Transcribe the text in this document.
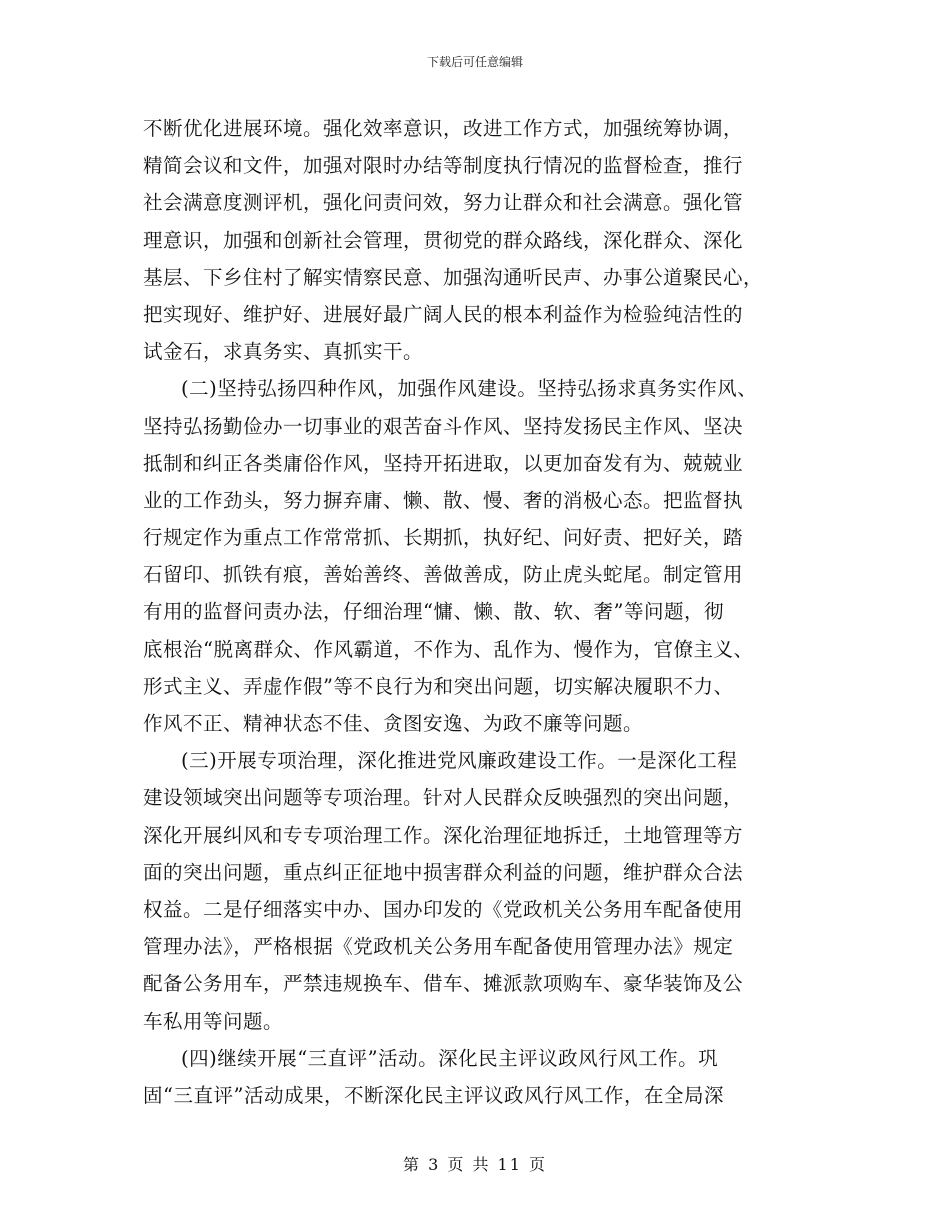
下载后可任意编辑
不断优化进展环境。强化效率意识，改进工作方式，加强统筹协调，
精简会议和文件，加强对限时办结等制度执行情况的监督检查，推行
社会满意度测评机，强化问责问效，努力让群众和社会满意。强化管
理意识，加强和创新社会管理，贯彻党的群众路线，深化群众、深化
基层、下乡住村了解实情察民意、加强沟通听民声、办事公道聚民心，
把实现好、维护好、进展好最广阔人民的根本利益作为检验纯洁性的
试金石，求真务实、真抓实干。
(二)坚持弘扬四种作风，加强作风建设。坚持弘扬求真务实作风、
坚持弘扬勤俭办一切事业的艰苦奋斗作风、坚持发扬民主作风、坚决
抵制和纠正各类庸俗作风，坚持开拓进取，以更加奋发有为、兢兢业
业的工作劲头，努力摒弃庸、懒、散、慢、奢的消极心态。把监督执
行规定作为重点工作常常抓、长期抓，执好纪、问好责、把好关，踏
石留印、抓铁有痕，善始善终、善做善成，防止虎头蛇尾。制定管用
有用的监督问责办法，仔细治理“慵、懒、散、软、奢”等问题，彻
底根治“脱离群众、作风霸道，不作为、乱作为、慢作为，官僚主义、
形式主义、弄虚作假”等不良行为和突出问题，切实解决履职不力、
作风不正、精神状态不佳、贪图安逸、为政不廉等问题。
(三)开展专项治理，深化推进党风廉政建设工作。一是深化工程
建设领域突出问题等专项治理。针对人民群众反映强烈的突出问题，
深化开展纠风和专专项治理工作。深化治理征地拆迁，土地管理等方
面的突出问题，重点纠正征地中损害群众利益的问题，维护群众合法
权益。二是仔细落实中办、国办印发的《党政机关公务用车配备使用
管理办法》，严格根据《党政机关公务用车配备使用管理办法》规定
配备公务用车，严禁违规换车、借车、摊派款项购车、豪华装饰及公
车私用等问题。
(四)继续开展“三直评”活动。深化民主评议政风行风工作。巩
固“三直评”活动成果，不断深化民主评议政风行风工作，在全局深
第 3 页 共 11 页
